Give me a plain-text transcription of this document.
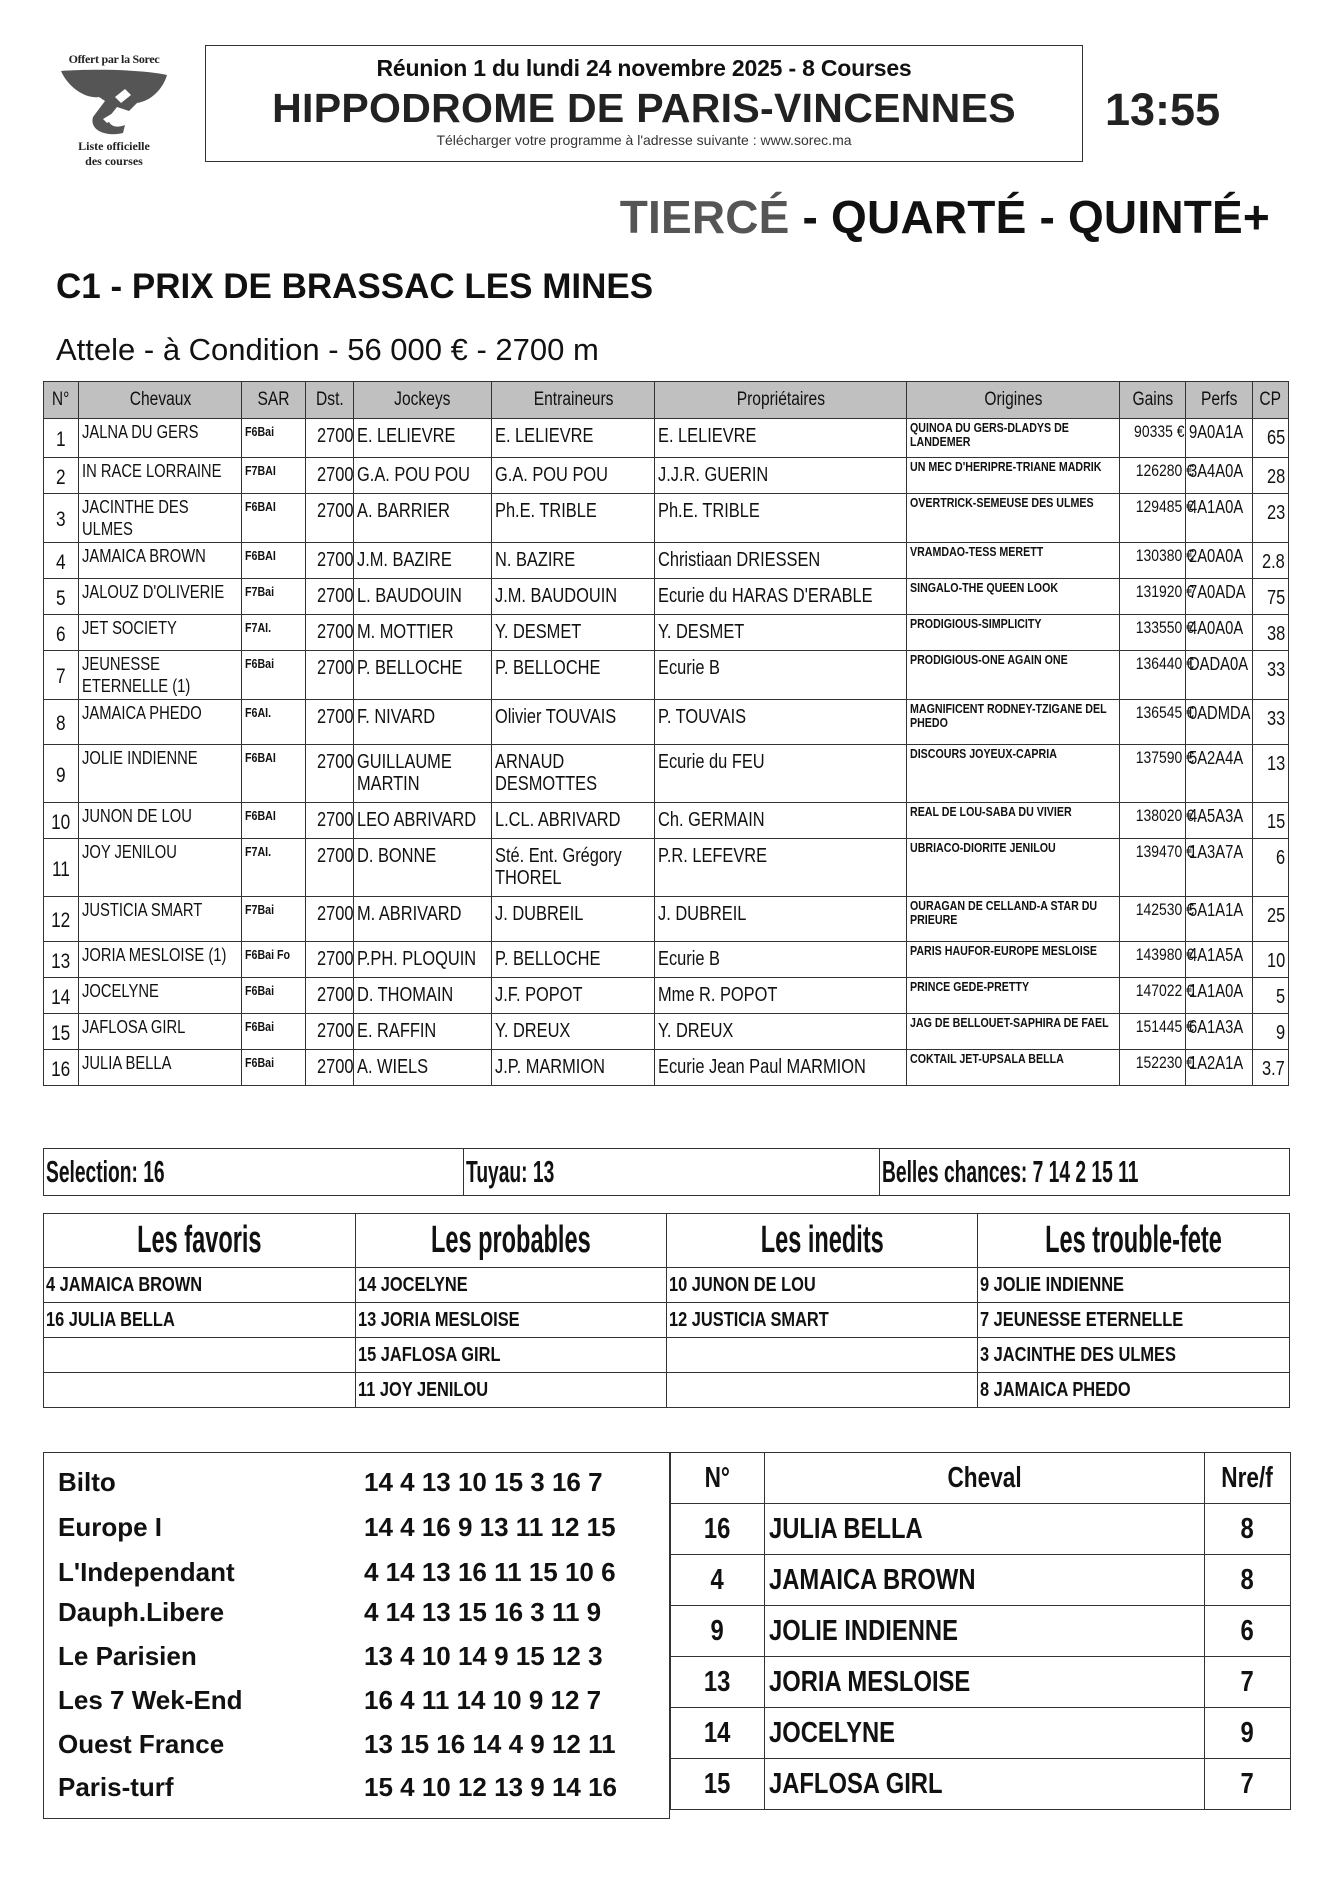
Offert par la Sorec
Liste officielle
des courses
Réunion 1 du lundi 24 novembre 2025 - 8 Courses
HIPPODROME DE PARIS-VINCENNES
Télécharger votre programme à l'adresse suivante : www.sorec.ma
13:55
TIERCÉ - QUARTÉ - QUINTÉ+
C1 - PRIX DE BRASSAC LES MINES
Attele - à Condition - 56 000 € - 2700 m
N°	Chevaux	SAR	Dst.	Jockeys	Entraineurs	Propriétaires	Origines	Gains	Perfs	CP
1	JALNA DU GERS	F6Bai	2700	E. LELIEVRE	E. LELIEVRE	E. LELIEVRE	QUINOA DU GERS-DLADYS DE LANDEMER	90335 €	9A0A1A	65
2	IN RACE LORRAINE	F7BAI	2700	G.A. POU POU	G.A. POU POU	J.J.R. GUERIN	UN MEC D'HERIPRE-TRIANE MADRIK	126280 €	3A4A0A	28
3	JACINTHE DES ULMES	F6BAI	2700	A. BARRIER	Ph.E. TRIBLE	Ph.E. TRIBLE	OVERTRICK-SEMEUSE DES ULMES	129485 €	4A1A0A	23
4	JAMAICA BROWN	F6BAI	2700	J.M. BAZIRE	N. BAZIRE	Christiaan DRIESSEN	VRAMDAO-TESS MERETT	130380 €	2A0A0A	2.8
5	JALOUZ D'OLIVERIE	F7Bai	2700	L. BAUDOUIN	J.M. BAUDOUIN	Ecurie du HARAS D'ERABLE	SINGALO-THE QUEEN LOOK	131920 €	7A0ADA	75
6	JET SOCIETY	F7AI.	2700	M. MOTTIER	Y. DESMET	Y. DESMET	PRODIGIOUS-SIMPLICITY	133550 €	4A0A0A	38
7	JEUNESSE ETERNELLE (1)	F6Bai	2700	P. BELLOCHE	P. BELLOCHE	Ecurie B	PRODIGIOUS-ONE AGAIN ONE	136440 €	DADA0A	33
8	JAMAICA PHEDO	F6AI.	2700	F. NIVARD	Olivier TOUVAIS	P. TOUVAIS	MAGNIFICENT RODNEY-TZIGANE DEL PHEDO	136545 €	0ADMDA	33
9	JOLIE INDIENNE	F6BAI	2700	GUILLAUME MARTIN	ARNAUD DESMOTTES	Ecurie du FEU	DISCOURS JOYEUX-CAPRIA	137590 €	5A2A4A	13
10	JUNON DE LOU	F6BAI	2700	LEO ABRIVARD	L.CL. ABRIVARD	Ch. GERMAIN	REAL DE LOU-SABA DU VIVIER	138020 €	4A5A3A	15
11	JOY JENILOU	F7AI.	2700	D. BONNE	Sté. Ent. Grégory THOREL	P.R. LEFEVRE	UBRIACO-DIORITE JENILOU	139470 €	1A3A7A	6
12	JUSTICIA SMART	F7Bai	2700	M. ABRIVARD	J. DUBREIL	J. DUBREIL	OURAGAN DE CELLAND-A STAR DU PRIEURE	142530 €	5A1A1A	25
13	JORIA MESLOISE (1)	F6Bai Fo	2700	P.PH. PLOQUIN	P. BELLOCHE	Ecurie B	PARIS HAUFOR-EUROPE MESLOISE	143980 €	4A1A5A	10
14	JOCELYNE	F6Bai	2700	D. THOMAIN	J.F. POPOT	Mme R. POPOT	PRINCE GEDE-PRETTY	147022 €	1A1A0A	5
15	JAFLOSA GIRL	F6Bai	2700	E. RAFFIN	Y. DREUX	Y. DREUX	JAG DE BELLOUET-SAPHIRA DE FAEL	151445 €	6A1A3A	9
16	JULIA BELLA	F6Bai	2700	A. WIELS	J.P. MARMION	Ecurie Jean Paul MARMION	COKTAIL JET-UPSALA BELLA	152230 €	1A2A1A	3.7
Selection: 16	Tuyau: 13	Belles chances: 7 14 2 15 11
Les favoris	Les probables	Les inedits	Les trouble-fete
4 JAMAICA BROWN	14 JOCELYNE	10 JUNON DE LOU	9 JOLIE INDIENNE
16 JULIA BELLA	13 JORIA MESLOISE	12 JUSTICIA SMART	7 JEUNESSE ETERNELLE
	15 JAFLOSA GIRL		3 JACINTHE DES ULMES
	11 JOY JENILOU		8 JAMAICA PHEDO
Bilto	14 4 13 10 15 3 16 7
Europe I	14 4 16 9 13 11 12 15
L'Independant	4 14 13 16 11 15 10 6
Dauph.Libere	4 14 13 15 16 3 11 9
Le Parisien	13 4 10 14 9 15 12 3
Les 7 Wek-End	16 4 11 14 10 9 12 7
Ouest France	13 15 16 14 4 9 12 11
Paris-turf	15 4 10 12 13 9 14 16
N°	Cheval	Nre/f
16	JULIA BELLA	8
4	JAMAICA BROWN	8
9	JOLIE INDIENNE	6
13	JORIA MESLOISE	7
14	JOCELYNE	9
15	JAFLOSA GIRL	7
